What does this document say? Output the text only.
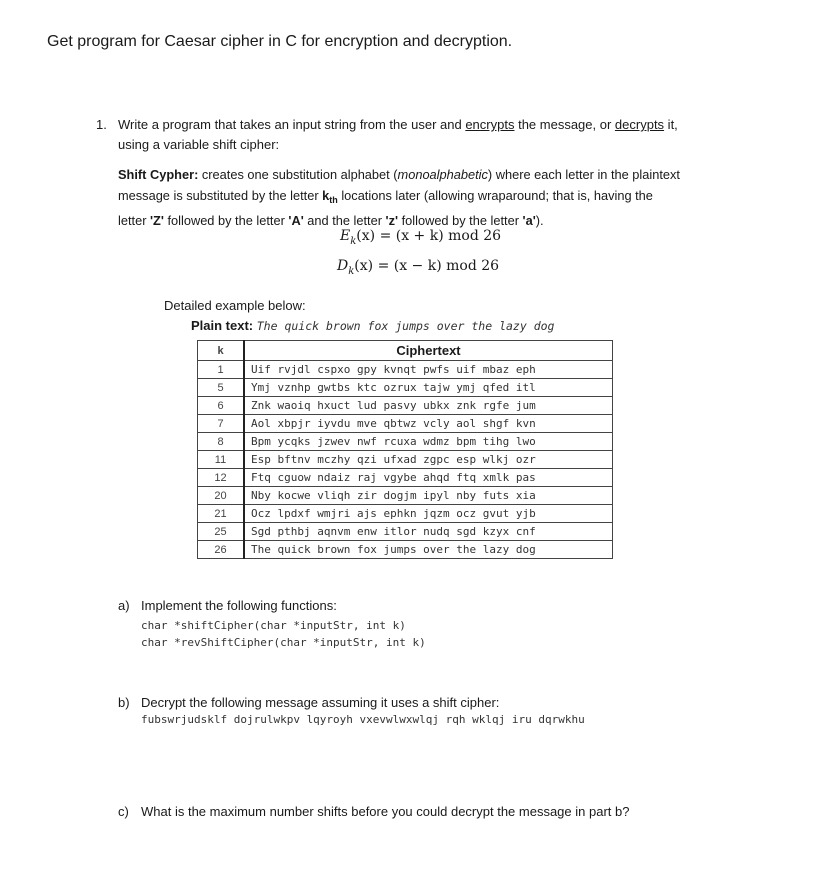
Get program for Caesar cipher in C for encryption and decryption.
1. Write a program that takes an input string from the user and encrypts the message, or decrypts it,
using a variable shift cipher:
Shift Cypher: creates one substitution alphabet (monoalphabetic) where each letter in the plaintext
message is substituted by the letter $k_{th}$ locations later (allowing wraparound; that is, having the
letter 'Z' followed by the letter 'A' and the letter 'z' followed by the letter 'a').
$E_k(x) = (x + k)$ mod 26
$D_k(x) = (x - k)$ mod 26
Detailed example below:
Plain text: The quick brown fox jumps over the lazy dog
k	Ciphertext
1	Uif rvjdl cspxo gpy kvnqt pwfs uif mbaz eph
5	Ymj vznhp gwtbs ktc ozrux tajw ymj qfed itl
6	Znk waoiq hxuct lud pasvy ubkx znk rgfe jum
7	Aol xbpjr iyvdu mve qbtwz vcly aol shgf kvn
8	Bpm ycqks jzwev nwf rcuxa wdmz bpm tihg lwo
11	Esp bftnv mczhy qzi ufxad zgpc esp wlkj ozr
12	Ftq cguow ndaiz raj vgybe ahqd ftq xmlk pas
20	Nby kocwe vliqh zir dogjm ipyl nby futs xia
21	Ocz lpdxf wmjri ajs ephkn jqzm ocz gvut yjb
25	Sgd pthbj aqnvm enw itlor nudq sgd kzyx cnf
26	The quick brown fox jumps over the lazy dog
a) Implement the following functions:
char *shiftCipher(char *inputStr, int k)
char *revShiftCipher(char *inputStr, int k)
b) Decrypt the following message assuming it uses a shift cipher:
fubswrjudsklf dojrulwkpv lqyroyh vxevwlwxwlqj rqh wklqj iru dqrwkhu
c) What is the maximum number shifts before you could decrypt the message in part b?
